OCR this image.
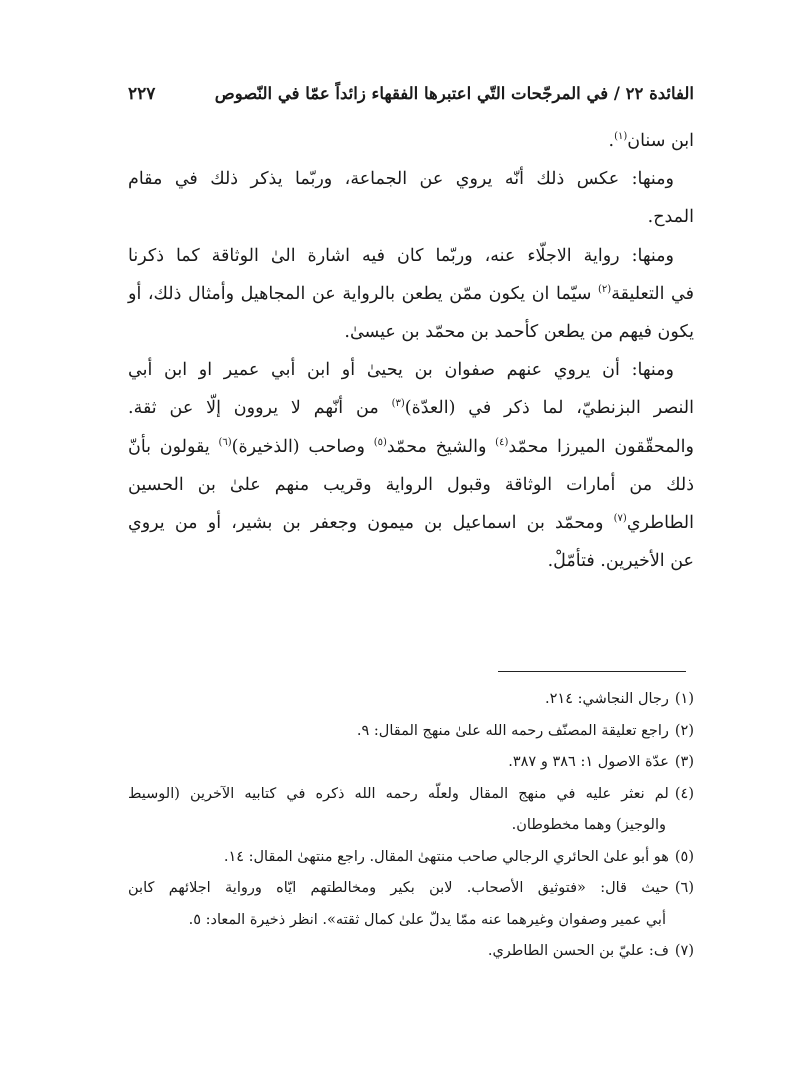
الفائدة ٢٢ / في المرجّحات التّي اعتبرها الفقهاء زائداً عمّا في النّصوص
٢٢٧

ابن سنان$^{(١)}$.

ومنها: عكس ذلك أنّه يروي عن الجماعة، وربّما يذكر ذلك في مقام
المدح.

ومنها: رواية الاجلّاء عنه، وربّما كان فيه اشارة الىٰ الوثاقة كما ذكرنا
في التعليقة$^{(٢)}$ سيّما ان يكون ممّن يطعن بالرواية عن المجاهيل وأمثال ذلك، أو
يكون فيهم من يطعن كأحمد بن محمّد بن عيسىٰ.

ومنها: أن يروي عنهم صفوان بن يحيىٰ أو ابن أبي عمير او ابن أبي
النصر البزنطيّ، لما ذكر في (العدّة)$^{(٣)}$ من أنّهم لا يروون إلّا عن ثقة.
والمحقّقون الميرزا محمّد$^{(٤)}$ والشيخ محمّد$^{(٥)}$ وصاحب (الذخيرة)$^{(٦)}$ يقولون بأنّ
ذلك من أمارات الوثاقة وقبول الرواية وقريب منهم علىٰ بن الحسين
الطاطري$^{(٧)}$ ومحمّد بن اسماعيل بن ميمون وجعفر بن بشير، أو من يروي
عن الأخيرين. فتأمّلْ.

(١)رجال النجاشي: ٢١٤.
(٢)راجع تعليقة المصنّف رحمه الله علىٰ منهج المقال: ٩.
(٣)عدّة الاصول ١: ٣٨٦ و ٣٨٧.
(٤)لم نعثر عليه في منهج المقال ولعلّه رحمه الله ذكره في كتابيه الآخرين (الوسيط
والوجيز) وهما مخطوطان.
(٥)هو أبو علىٰ الحائري الرجالي صاحب منتهىٰ المقال. راجع منتهىٰ المقال: ١٤.
(٦)حيث قال: «فتوثيق الأصحاب. لابن بكير ومخالطتهم ايّاه ورواية اجلائهم كابن
أبي عمير وصفوان وغيرهما عنه ممّا يدلّ علىٰ كمال ثقته». انظر ذخيرة المعاد: ٥.
(٧)ف: عليّ بن الحسن الطاطري.
